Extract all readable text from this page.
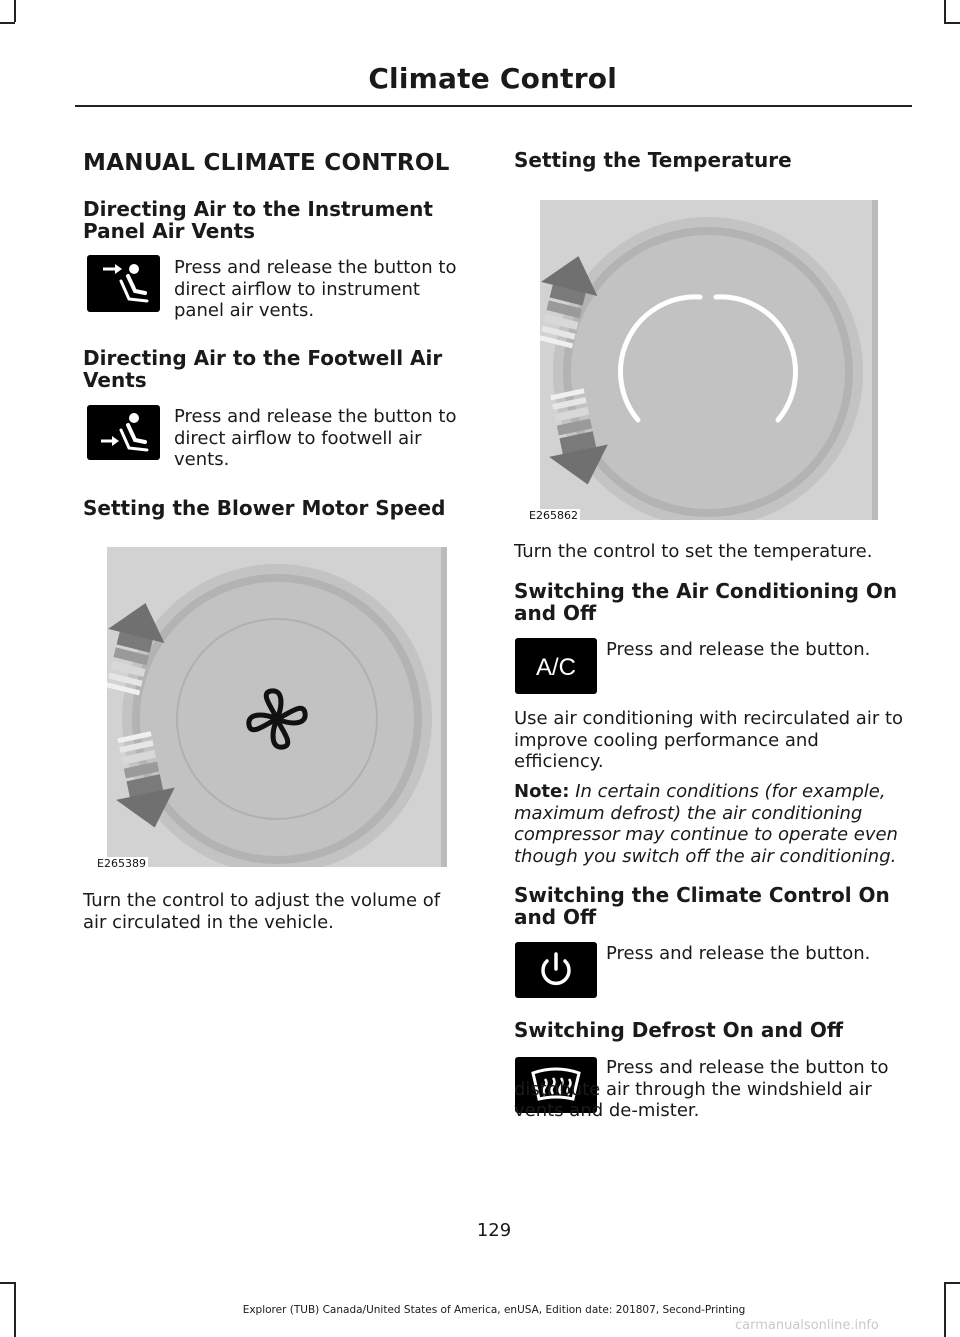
Climate Control
MANUAL CLIMATE CONTROL
Directing Air to the Instrument Panel Air Vents
Press and release the button to direct airflow to instrument panel air vents.
Directing Air to the Footwell Air Vents
Press and release the button to direct airflow to footwell air vents.
Setting the Blower Motor Speed
E265389
Turn the control to adjust the volume of air circulated in the vehicle.
Setting the Temperature
E265862
Turn the control to set the temperature.
Switching the Air Conditioning On and Off
A/C
Press and release the button.
Use air conditioning with recirculated air to improve cooling performance and efficiency.
Note: In certain conditions (for example, maximum defrost) the air conditioning compressor may continue to operate even though you switch off the air conditioning.
Switching the Climate Control On and Off
Press and release the button.
Switching Defrost On and Off
Press and release the button to distribute air through the windshield air vents and de-mister.
129
Explorer (TUB) Canada/United States of America, enUSA, Edition date: 201807, Second-Printing
carmanualsonline.info
